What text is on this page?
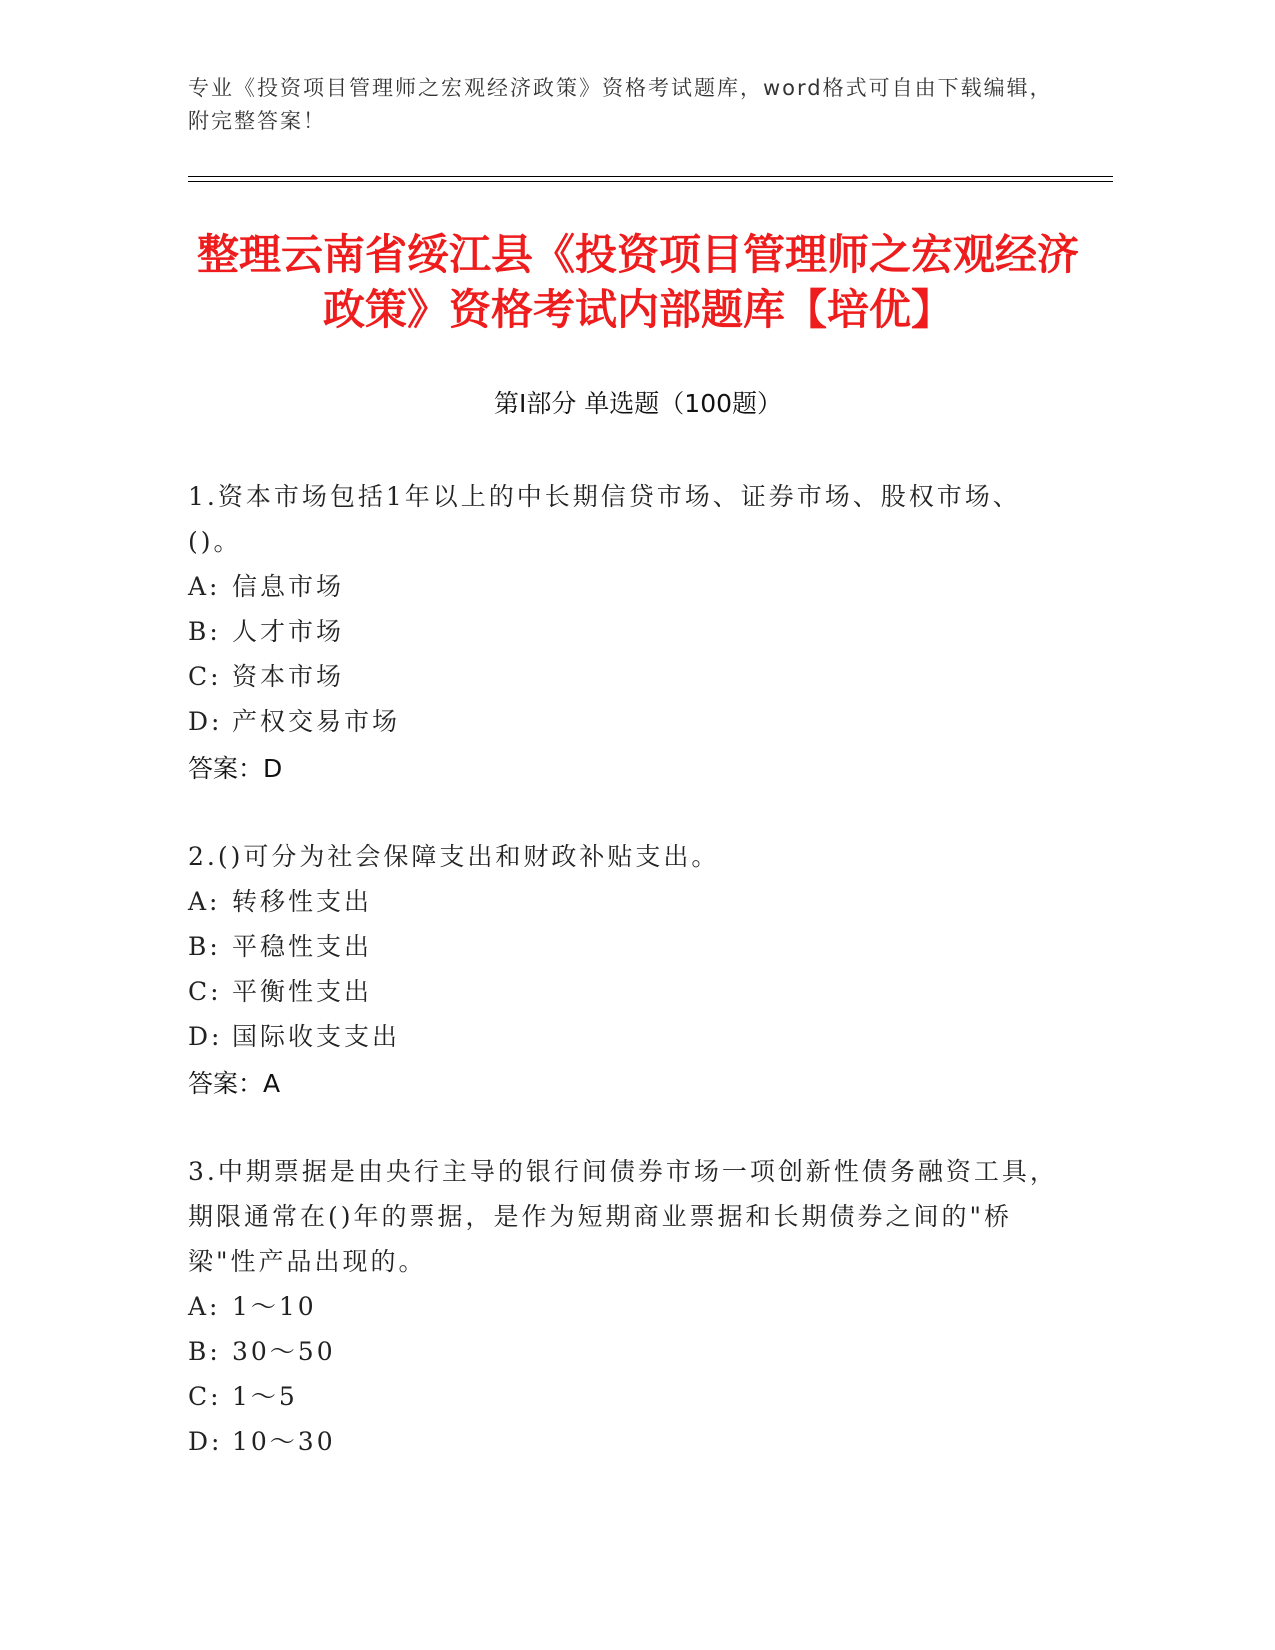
专业《投资项目管理师之宏观经济政策》资格考试题库，word格式可自由下载编辑，附完整答案！
整理云南省绥江县《投资项目管理师之宏观经济政策》资格考试内部题库【培优】
第Ⅰ部分 单选题（100题）
1.资本市场包括1年以上的中长期信贷市场、证券市场、股权市场、()。
A: 信息市场
B: 人才市场
C: 资本市场
D: 产权交易市场
答案：D
2.()可分为社会保障支出和财政补贴支出。
A: 转移性支出
B: 平稳性支出
C: 平衡性支出
D: 国际收支支出
答案：A
3.中期票据是由央行主导的银行间债券市场一项创新性债务融资工具，期限通常在()年的票据，是作为短期商业票据和长期债券之间的"桥梁"性产品出现的。
A: 1～10
B: 30～50
C: 1～5
D: 10～30
